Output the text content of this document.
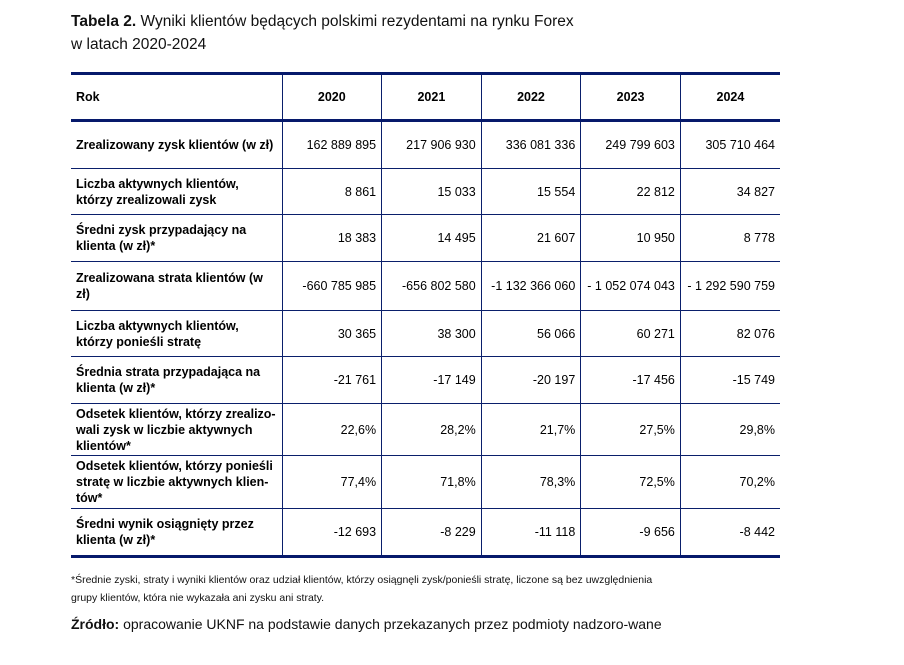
Tabela 2. Wyniki klientów będących polskimi rezydentami na rynku Forex
w latach 2020-2024
Rok	2020	2021	2022	2023	2024
Zrealizowany zysk klientów (w zł)	162 889 895	217 906 930	336 081 336	249 799 603	305 710 464
Liczba aktywnych klientów, którzy zrealizowali zysk	8 861	15 033	15 554	22 812	34 827
Średni zysk przypadający na klienta (w zł)*	18 383	14 495	21 607	10 950	8 778
Zrealizowana strata klientów (w zł)	-660 785 985	-656 802 580	-1 132 366 060	- 1 052 074 043	- 1 292 590 759
Liczba aktywnych klientów, którzy ponieśli stratę	30 365	38 300	56 066	60 271	82 076
Średnia strata przypadająca na klienta (w zł)*	-21 761	-17 149	-20 197	-17 456	-15 749
Odsetek klientów, którzy zrealizo-wali zysk w liczbie aktywnych klientów*	22,6%	28,2%	21,7%	27,5%	29,8%
Odsetek klientów, którzy ponieśli stratę w liczbie aktywnych klien-tów*	77,4%	71,8%	78,3%	72,5%	70,2%
Średni wynik osiągnięty przez klienta (w zł)*	-12 693	-8 229	-11 118	-9 656	-8 442
*Średnie zyski, straty i wyniki klientów oraz udział klientów, którzy osiągnęli zysk/ponieśli stratę, liczone są bez uwzględnienia grupy klientów, która nie wykazała ani zysku ani straty.
Źródło: opracowanie UKNF na podstawie danych przekazanych przez podmioty nadzoro-wane
